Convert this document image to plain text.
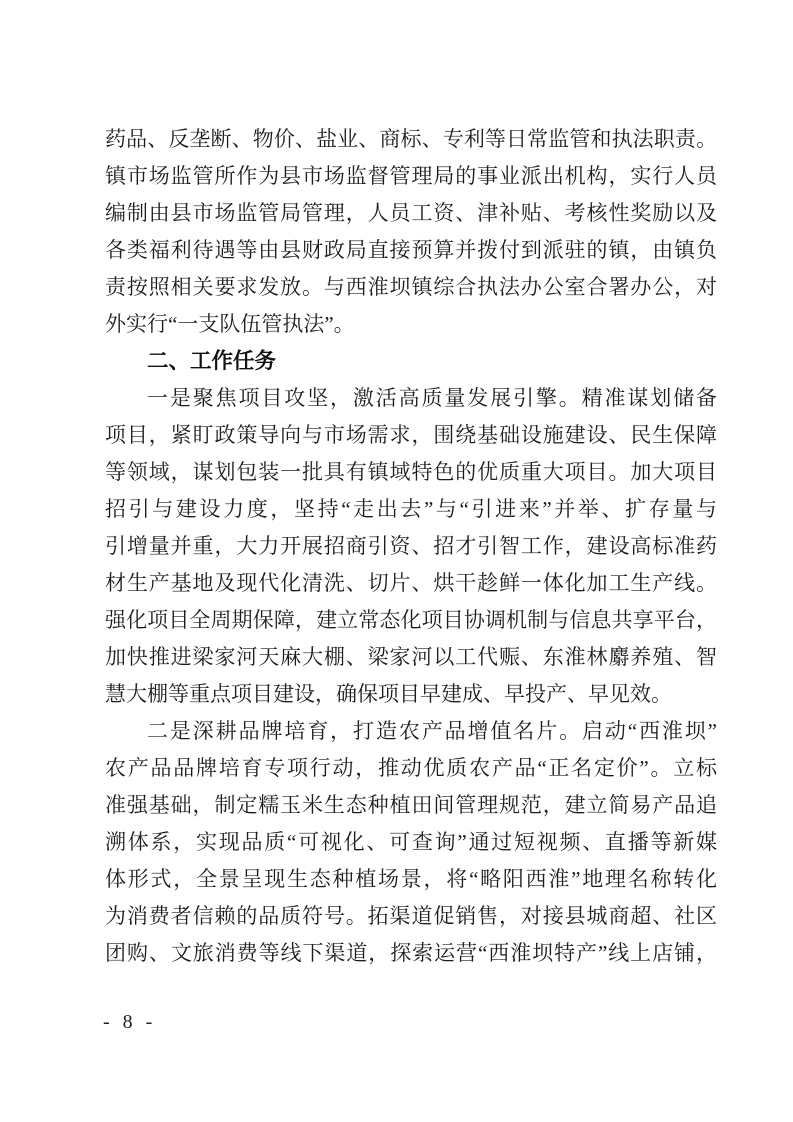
药品、反垄断、物价、盐业、商标、专利等日常监管和执法职责。
镇市场监管所作为县市场监督管理局的事业派出机构，实行人员
编制由县市场监管局管理，人员工资、津补贴、考核性奖励以及
各类福利待遇等由县财政局直接预算并拨付到派驻的镇，由镇负
责按照相关要求发放。与西淮坝镇综合执法办公室合署办公，对
外实行“一支队伍管执法”。
二、工作任务
一是聚焦项目攻坚，激活高质量发展引擎。精准谋划储备
项目，紧盯政策导向与市场需求，围绕基础设施建设、民生保障
等领域，谋划包装一批具有镇域特色的优质重大项目。加大项目
招引与建设力度，坚持“走出去”与“引进来”并举、扩存量与
引增量并重，大力开展招商引资、招才引智工作，建设高标准药
材生产基地及现代化清洗、切片、烘干趁鲜一体化加工生产线。
强化项目全周期保障，建立常态化项目协调机制与信息共享平台，
加快推进梁家河天麻大棚、梁家河以工代赈、东淮林麝养殖、智
慧大棚等重点项目建设，确保项目早建成、早投产、早见效。
二是深耕品牌培育，打造农产品增值名片。启动“西淮坝”
农产品品牌培育专项行动，推动优质农产品“正名定价”。立标
准强基础，制定糯玉米生态种植田间管理规范，建立简易产品追
溯体系，实现品质“可视化、可查询”通过短视频、直播等新媒
体形式，全景呈现生态种植场景，将“略阳西淮”地理名称转化
为消费者信赖的品质符号。拓渠道促销售，对接县城商超、社区
团购、文旅消费等线下渠道，探索运营“西淮坝特产”线上店铺，
- 8 -
